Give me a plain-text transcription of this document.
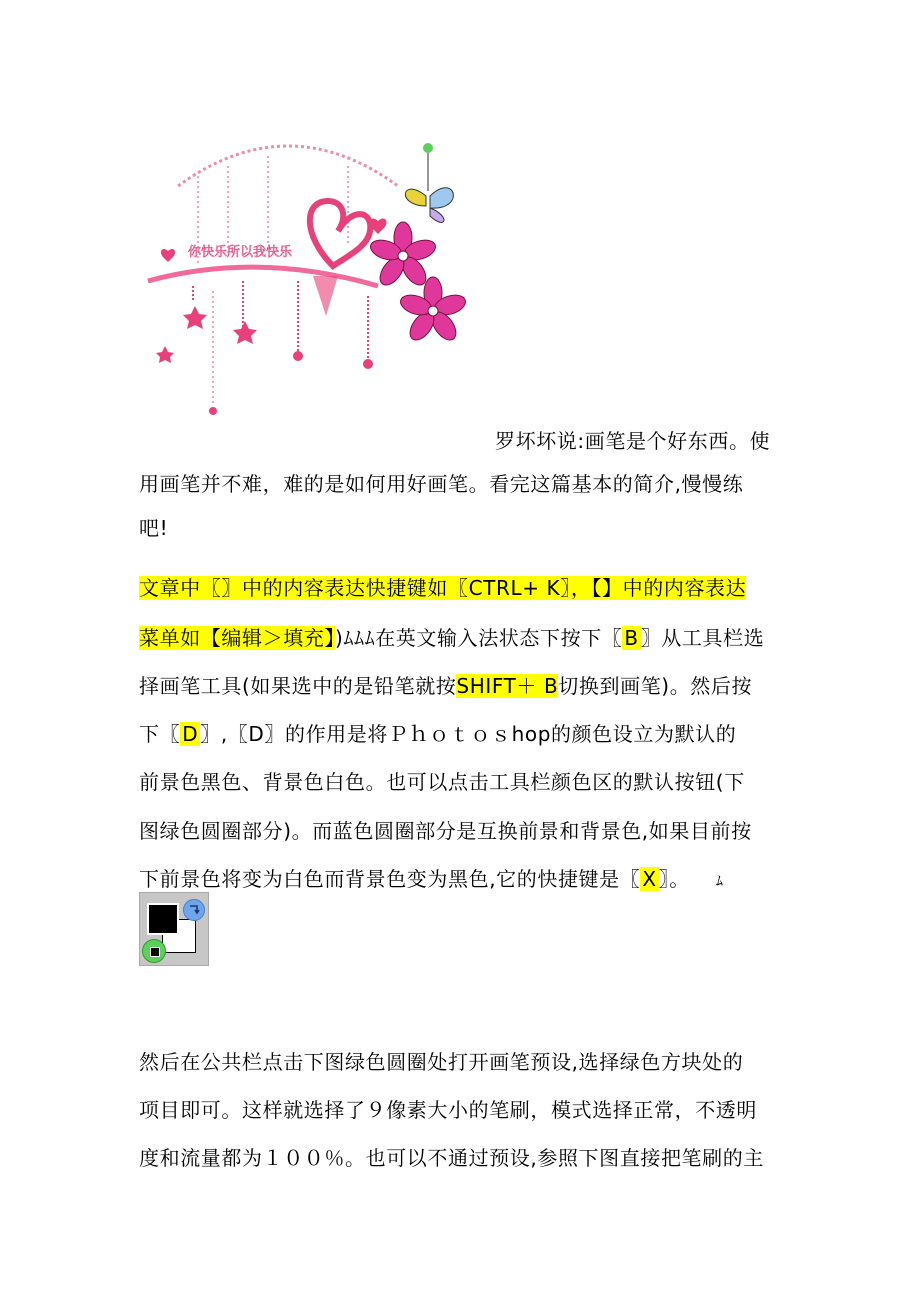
你快乐所以我快乐
罗坏坏说:画笔是个好东西。使
用画笔并不难，难的是如何用好画笔。看完这篇基本的简介,慢慢练
吧!
文章中〖〗中的内容表达快捷键如〖CTRL+ K〗，【】中的内容表达
菜单如【编辑＞填充】)ﾑﾑﾑ在英文输入法状态下按下〖 B 〗从工具栏选
择画笔工具(如果选中的是铅笔就按SHIFT＋ B切换到画笔)。然后按
下〖 D 〗,〖D〗的作用是将Ｐｈｏｔｏｓhop的颜色设立为默认的
前景色黑色、背景色白色。也可以点击工具栏颜色区的默认按钮(下
图绿色圆圈部分)。而蓝色圆圈部分是互换前景和背景色,如果目前按
下前景色将变为白色而背景色变为黑色,它的快捷键是〖 X 〗。 ﾑ
然后在公共栏点击下图绿色圆圈处打开画笔预设,选择绿色方块处的
项目即可。这样就选择了９像素大小的笔刷，模式选择正常，不透明
度和流量都为１００％。也可以不通过预设,参照下图直接把笔刷的主
